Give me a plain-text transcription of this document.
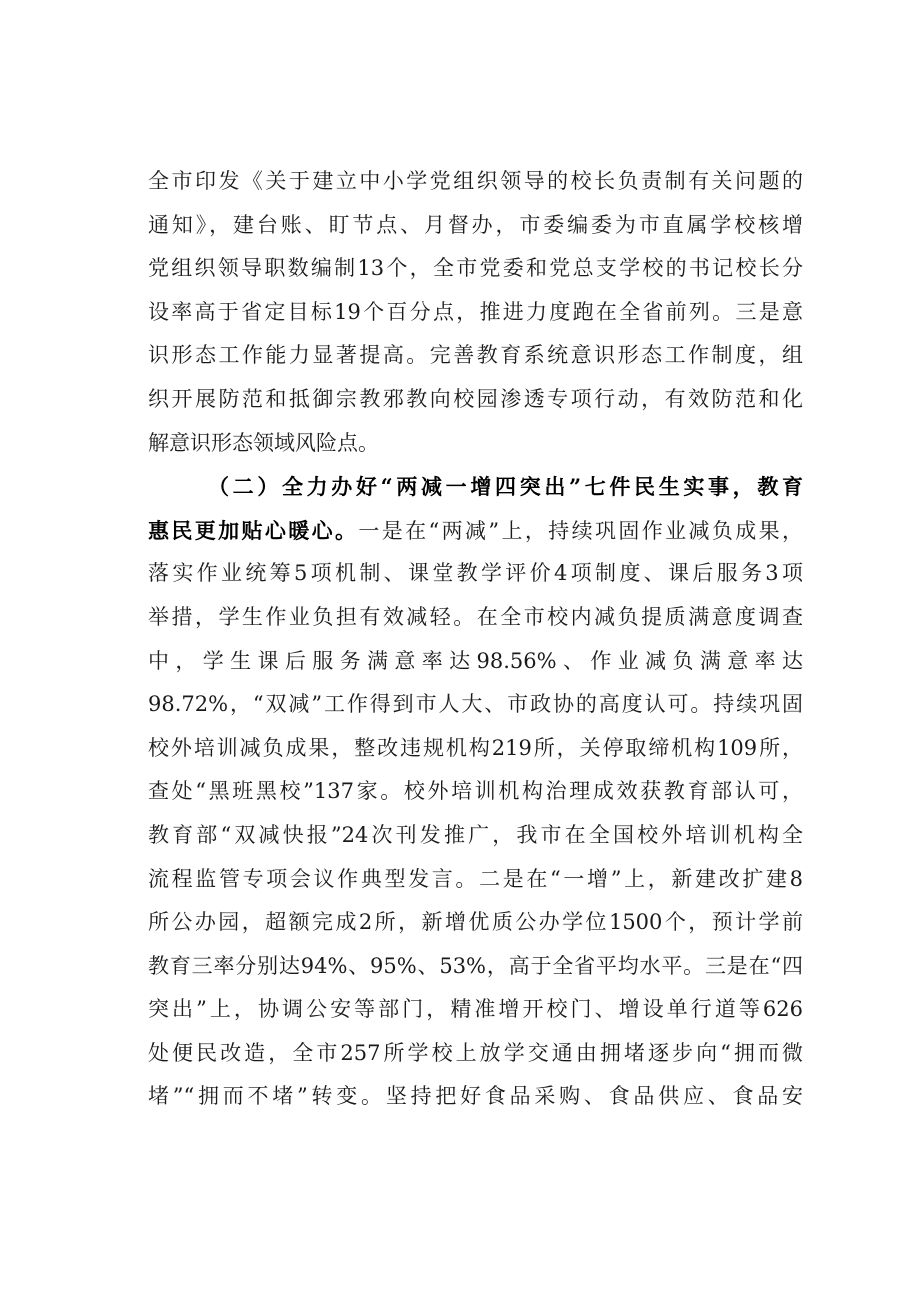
全市印发《关于建立中小学党组织领导的校长负责制有关问题的
通知》，建台账、盯节点、月督办，市委编委为市直属学校核增
党组织领导职数编制13个，全市党委和党总支学校的书记校长分
设率高于省定目标19个百分点，推进力度跑在全省前列。三是意
识形态工作能力显著提高。完善教育系统意识形态工作制度，组
织开展防范和抵御宗教邪教向校园渗透专项行动，有效防范和化
解意识形态领域风险点。
（二）全力办好“两减一增四突出”七件民生实事，教育
惠民更加贴心暖心。一是在“两减”上，持续巩固作业减负成果，
落实作业统筹5项机制、课堂教学评价4项制度、课后服务3项
举措，学生作业负担有效减轻。在全市校内减负提质满意度调查
中，学生课后服务满意率达98.56%、作业减负满意率达
98.72%，“双减”工作得到市人大、市政协的高度认可。持续巩固
校外培训减负成果，整改违规机构219所，关停取缔机构109所，
查处“黑班黑校”137家。校外培训机构治理成效获教育部认可，
教育部“双减快报”24次刊发推广，我市在全国校外培训机构全
流程监管专项会议作典型发言。二是在“一增”上，新建改扩建8
所公办园，超额完成2所，新增优质公办学位1500个，预计学前
教育三率分别达94%、95%、53%，高于全省平均水平。三是在“四
突出”上，协调公安等部门，精准增开校门、增设单行道等626
处便民改造，全市257所学校上放学交通由拥堵逐步向“拥而微
堵”“拥而不堵”转变。坚持把好食品采购、食品供应、食品安
